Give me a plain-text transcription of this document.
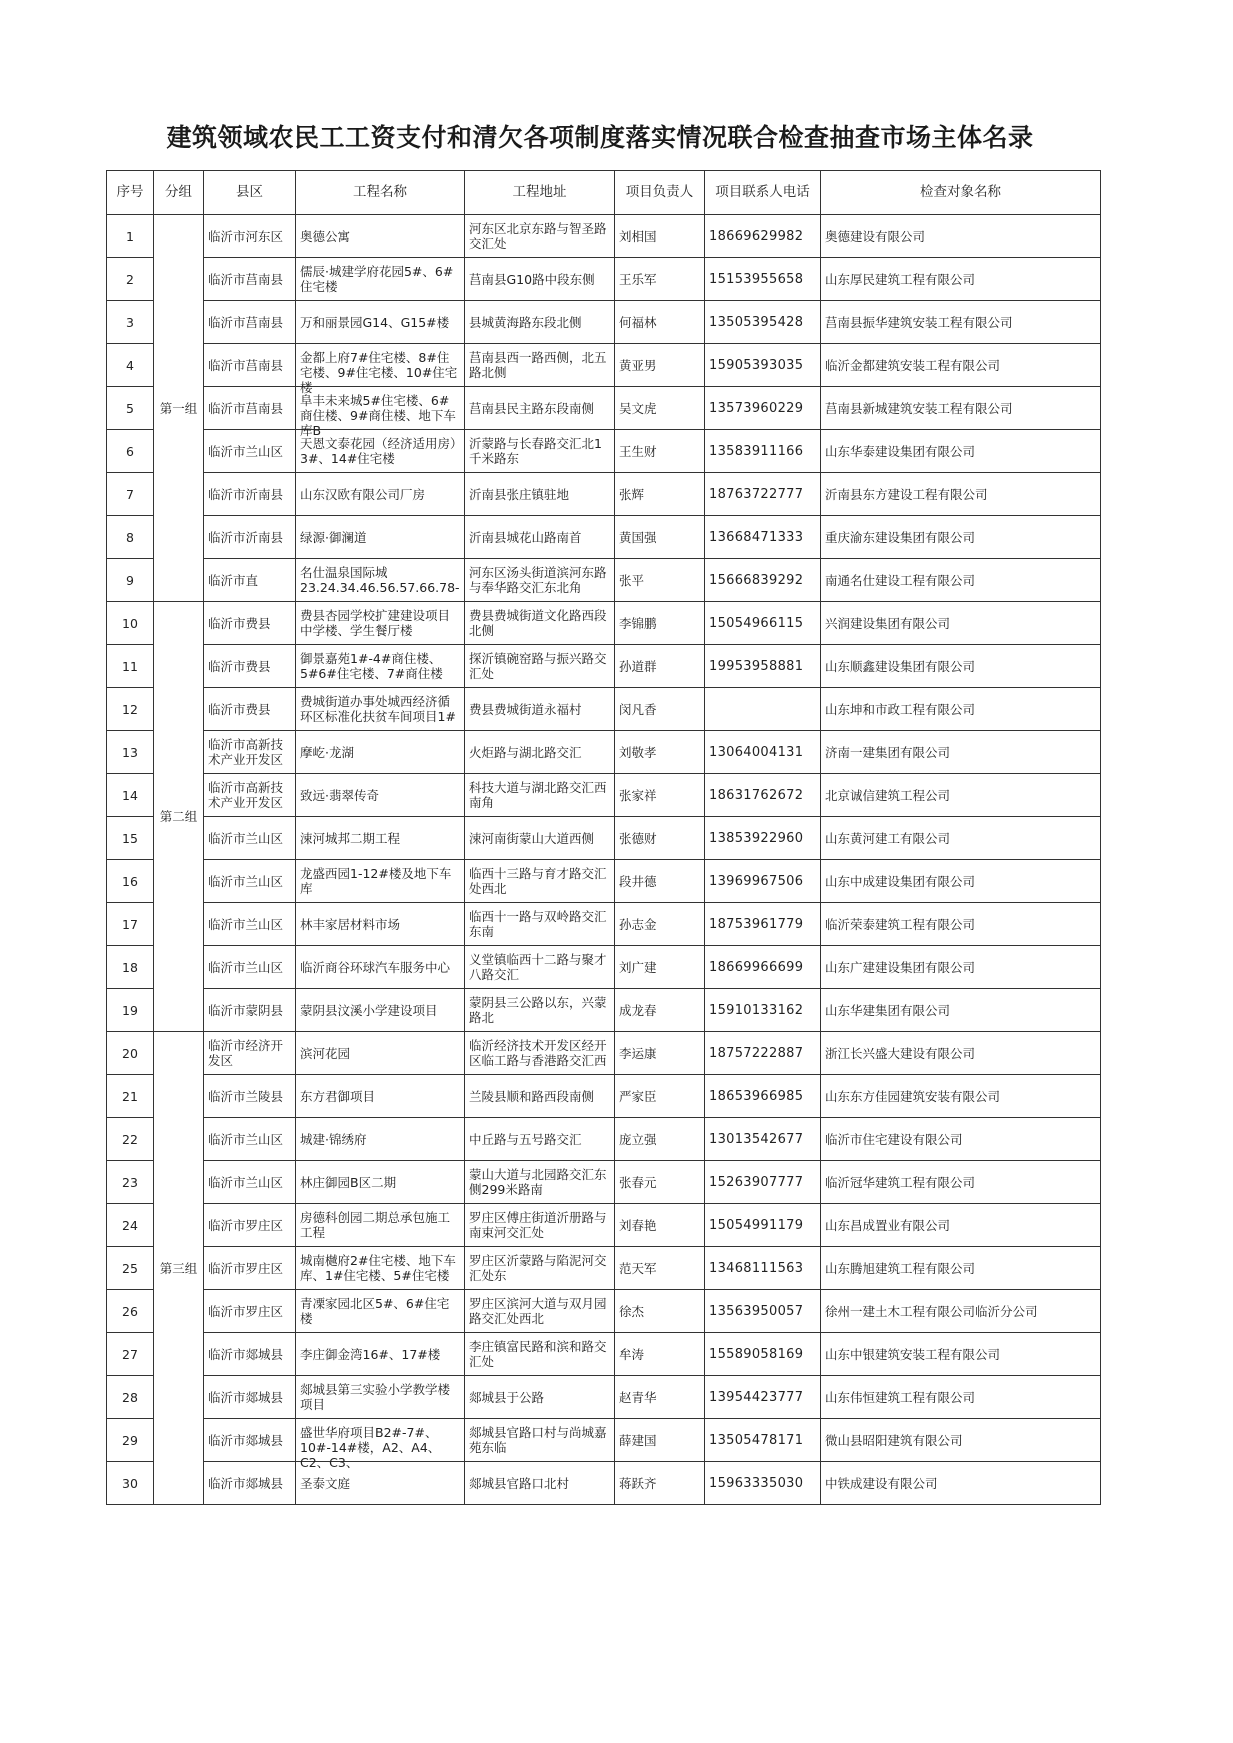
建筑领域农民工工资支付和清欠各项制度落实情况联合检查抽查市场主体名录
序号	分组	县区	工程名称	工程地址	项目负责人	项目联系人电话	检查对象名称
1	第一组	临沂市河东区	奥德公寓	河东区北京东路与智圣路交汇处	刘相国	18669629982	奥德建设有限公司
2		临沂市莒南县	儒辰·城建学府花园5#、6#住宅楼	莒南县G10路中段东侧	王乐军	15153955658	山东厚民建筑工程有限公司
3		临沂市莒南县	万和丽景园G14、G15#楼	县城黄海路东段北侧	何福林	13505395428	莒南县振华建筑安装工程有限公司
4		临沂市莒南县	金都上府7#住宅楼、8#住宅楼、9#住宅楼、10#住宅楼	莒南县西一路西侧，北五路北侧	黄亚男	15905393035	临沂金都建筑安装工程有限公司
5		临沂市莒南县	阜丰未来城5#住宅楼、6#商住楼、9#商住楼、地下车库B	莒南县民主路东段南侧	吴文虎	13573960229	莒南县新城建筑安装工程有限公司
6		临沂市兰山区	天恩文泰花园（经济适用房）3#、14#住宅楼	沂蒙路与长春路交汇北1千米路东	王生财	13583911166	山东华泰建设集团有限公司
7		临沂市沂南县	山东汉欧有限公司厂房	沂南县张庄镇驻地	张辉	18763722777	沂南县东方建设工程有限公司
8		临沂市沂南县	绿源·御澜道	沂南县城花山路南首	黄国强	13668471333	重庆渝东建设集团有限公司
9		临沂市直	名仕温泉国际城23.24.34.46.56.57.66.78-	河东区汤头街道滨河东路与奉华路交汇东北角	张平	15666839292	南通名仕建设工程有限公司
10	第二组	临沂市费县	费县杏园学校扩建建设项目中学楼、学生餐厅楼	费县费城街道文化路西段北侧	李锦鹏	15054966115	兴润建设集团有限公司
11		临沂市费县	御景嘉苑1#-4#商住楼、5#6#住宅楼、7#商住楼	探沂镇碗窑路与振兴路交汇处	孙道群	19953958881	山东顺鑫建设集团有限公司
12		临沂市费县	费城街道办事处城西经济循环区标准化扶贫车间项目1#	费县费城街道永福村	闵凡香		山东坤和市政工程有限公司
13		临沂市高新技术产业开发区	摩屹·龙湖	火炬路与湖北路交汇	刘敬孝	13064004131	济南一建集团有限公司
14		临沂市高新技术产业开发区	致远·翡翠传奇	科技大道与湖北路交汇西南角	张家祥	18631762672	北京诚信建筑工程公司
15		临沂市兰山区	涑河城邦二期工程	涑河南街蒙山大道西侧	张德财	13853922960	山东黄河建工有限公司
16		临沂市兰山区	龙盛西园1-12#楼及地下车库	临西十三路与育才路交汇处西北	段井德	13969967506	山东中成建设集团有限公司
17		临沂市兰山区	林丰家居材料市场	临西十一路与双岭路交汇东南	孙志金	18753961779	临沂荣泰建筑工程有限公司
18		临沂市兰山区	临沂商谷环球汽车服务中心	义堂镇临西十二路与聚才八路交汇	刘广建	18669966699	山东广建建设集团有限公司
19		临沂市蒙阴县	蒙阴县汶溪小学建设项目	蒙阴县三公路以东，兴蒙路北	成龙春	15910133162	山东华建集团有限公司
20	第三组	临沂市经济开发区	滨河花园	临沂经济技术开发区经开区临工路与香港路交汇西	李运康	18757222887	浙江长兴盛大建设有限公司
21		临沂市兰陵县	东方君御项目	兰陵县顺和路西段南侧	严家臣	18653966985	山东东方佳园建筑安装有限公司
22		临沂市兰山区	城建·锦绣府	中丘路与五号路交汇	庞立强	13013542677	临沂市住宅建设有限公司
23		临沂市兰山区	林庄御园B区二期	蒙山大道与北园路交汇东侧299米路南	张春元	15263907777	临沂冠华建筑工程有限公司
24		临沂市罗庄区	房德科创园二期总承包施工工程	罗庄区傅庄街道沂册路与南束河交汇处	刘春艳	15054991179	山东昌成置业有限公司
25		临沂市罗庄区	城南樾府2#住宅楼、地下车库、1#住宅楼、5#住宅楼	罗庄区沂蒙路与陷泥河交汇处东	范天军	13468111563	山东腾旭建筑工程有限公司
26		临沂市罗庄区	青凓家园北区5#、6#住宅楼	罗庄区滨河大道与双月园路交汇处西北	徐杰	13563950057	徐州一建土木工程有限公司临沂分公司
27		临沂市郯城县	李庄御金湾16#、17#楼	李庄镇富民路和滨和路交汇处	牟涛	15589058169	山东中银建筑安装工程有限公司
28		临沂市郯城县	郯城县第三实验小学教学楼项目	郯城县于公路	赵青华	13954423777	山东伟恒建筑工程有限公司
29		临沂市郯城县	盛世华府项目B2#-7#、10#-14#楼，A2、A4、C2、C3、	郯城县官路口村与尚城嘉苑东临	薛建国	13505478171	微山县昭阳建筑有限公司
30		临沂市郯城县	圣泰文庭	郯城县官路口北村	蒋跃齐	15963335030	中铁成建设有限公司
